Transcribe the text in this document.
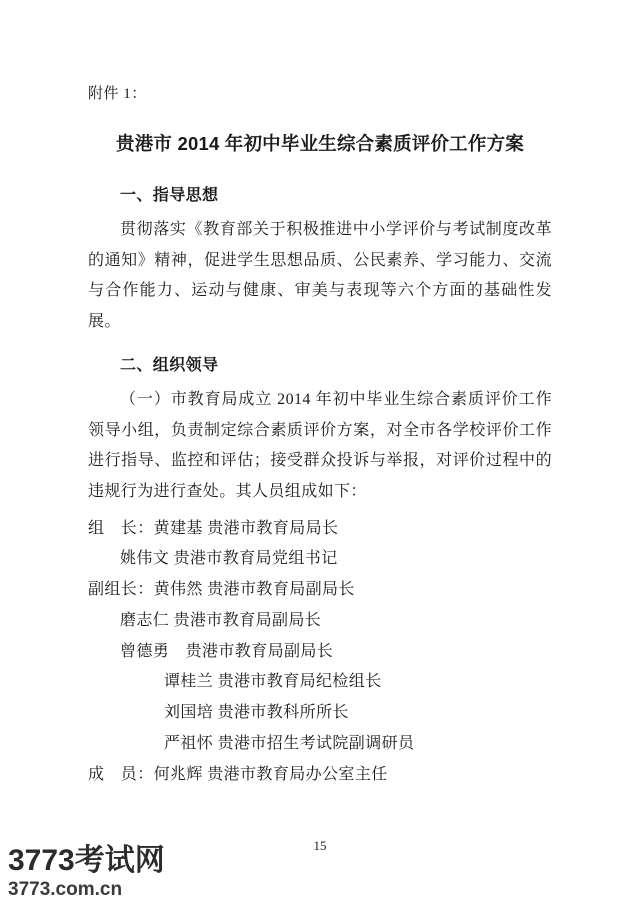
附件 1：
贵港市 2014 年初中毕业生综合素质评价工作方案
一、指导思想

贯彻落实《教育部关于积极推进中小学评价与考试制度改革的通知》精神，促进学生思想品质、公民素养、学习能力、交流与合作能力、运动与健康、审美与表现等六个方面的基础性发展。

二、组织领导

（一）市教育局成立 2014 年初中毕业生综合素质评价工作领导小组，负责制定综合素质评价方案，对全市各学校评价工作进行指导、监控和评估；接受群众投诉与举报，对评价过程中的违规行为进行查处。其人员组成如下：

组　长：黄建基 贵港市教育局局长
姚伟文 贵港市教育局党组书记
副组长：黄伟然 贵港市教育局副局长
磨志仁 贵港市教育局副局长
曾德勇　 贵港市教育局副局长
谭桂兰 贵港市教育局纪检组长
刘国培 贵港市教科所所长
严祖怀 贵港市招生考试院副调研员
成　员：何兆辉 贵港市教育局办公室主任
15
3773考试网
3773.com.cn
